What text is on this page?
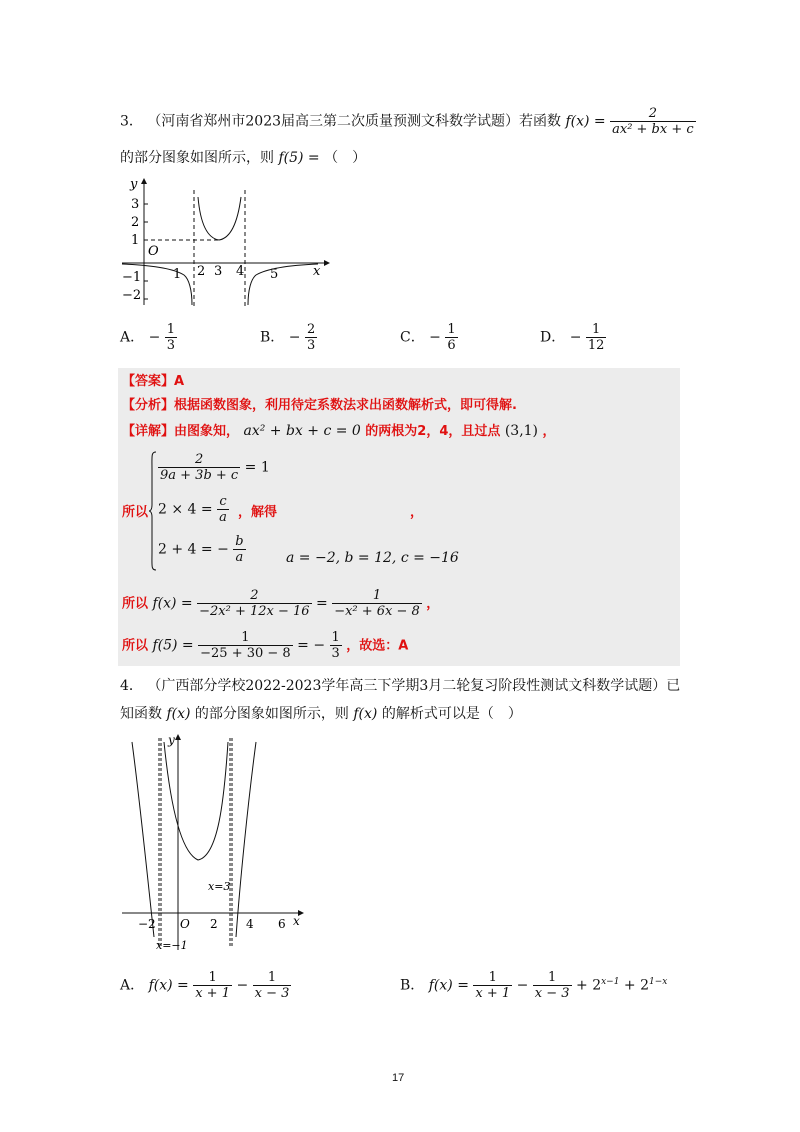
3． （河南省郑州市2023届高三第二次质量预测文科数学试题）若函数 $f(x) = \frac{2}{\text{ax² + bx + c}}$
的部分图象如图所示，则 f(5) = （　）
y
x
O
3
2
1
−1
−2
1 2 3 4 5
A． − $\frac{1}{3}$	B． − $\frac{2}{3}$	C． − $\frac{1}{6}$	D． − $\frac{1}{12}$
【答案】A
【分析】根据函数图象，利用待定系数法求出函数解析式，即可得解.
【详解】由图象知， ax² + bx + c = 0 的两根为2，4，且过点 (3,1) ，
所以
$\frac{2}{9a + 3b + c} = 1$
$2 \times 4 = \frac{c}{a}$
2 + 4 = − $\frac{b}{a}$
，解得	，
a = −2, b = 12, c = −16
所以 $f(x) = \frac{2}{\text{−2x² + 12x − 16}} = \frac{1}{\text{−x² + 6x − 8}}$ ，
所以 $f(5) = \frac{1}{-25 + 30 - 8}$ = − $\frac{1}{3}$ ，故选：A
4． （广西部分学校2022-2023学年高三下学期3月二轮复习阶段性测试文科数学试题）已
知函数 f(x) 的部分图象如图所示，则 f(x) 的解析式可以是（　）
y
x
O
−2	2 4 6
x=−1
x=3
A． $f(x) = \frac{1}{x + 1} - \frac{1}{x - 3}$	B． $f(x) = \frac{1}{x + 1} - \frac{1}{x - 3} + 2^{x-1} + 2^{1-x}$
17
